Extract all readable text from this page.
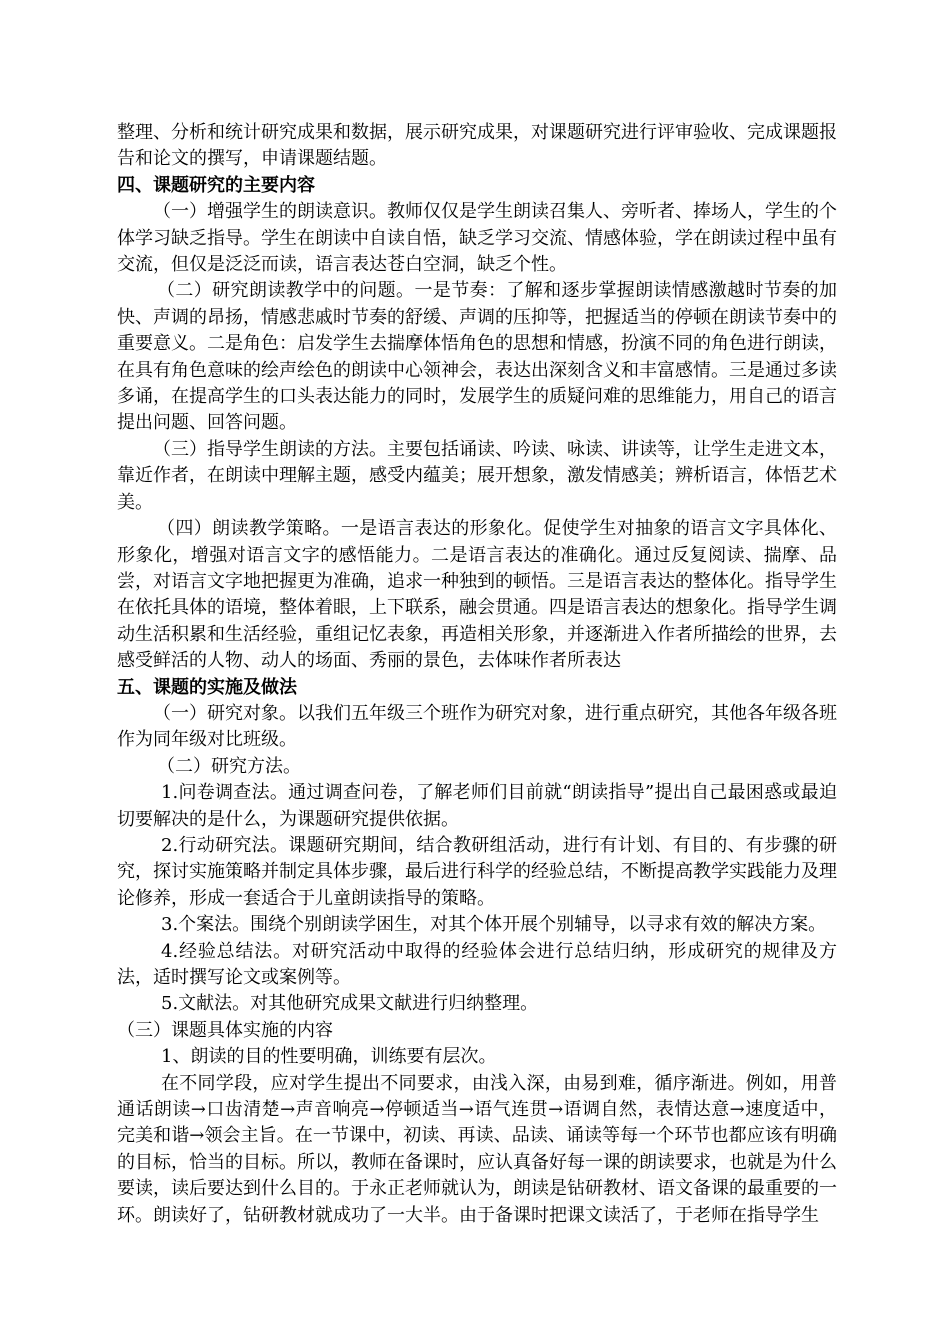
整理、分析和统计研究成果和数据，展示研究成果，对课题研究进行评审验收、完成课题报告和论文的撰写，申请课题结题。

四、课题研究的主要内容

（一）增强学生的朗读意识。教师仅仅是学生朗读召集人、旁听者、捧场人，学生的个体学习缺乏指导。学生在朗读中自读自悟，缺乏学习交流、情感体验，学在朗读过程中虽有交流，但仅是泛泛而读，语言表达苍白空洞，缺乏个性。

（二）研究朗读教学中的问题。一是节奏：了解和逐步掌握朗读情感激越时节奏的加快、声调的昂扬，情感悲戚时节奏的舒缓、声调的压抑等，把握适当的停顿在朗读节奏中的重要意义。二是角色：启发学生去揣摩体悟角色的思想和情感，扮演不同的角色进行朗读，在具有角色意味的绘声绘色的朗读中心领神会，表达出深刻含义和丰富感情。三是通过多读多诵，在提高学生的口头表达能力的同时，发展学生的质疑问难的思维能力，用自己的语言提出问题、回答问题。

（三）指导学生朗读的方法。主要包括诵读、吟读、咏读、讲读等，让学生走进文本，靠近作者，在朗读中理解主题，感受内蕴美；展开想象，激发情感美；辨析语言，体悟艺术美。

（四）朗读教学策略。一是语言表达的形象化。促使学生对抽象的语言文字具体化、形象化，增强对语言文字的感悟能力。二是语言表达的准确化。通过反复阅读、揣摩、品尝，对语言文字地把握更为准确，追求一种独到的顿悟。三是语言表达的整体化。指导学生在依托具体的语境，整体着眼，上下联系，融会贯通。四是语言表达的想象化。指导学生调动生活积累和生活经验，重组记忆表象，再造相关形象，并逐渐进入作者所描绘的世界，去感受鲜活的人物、动人的场面、秀丽的景色，去体味作者所表达

五、课题的实施及做法

（一）研究对象。以我们五年级三个班作为研究对象，进行重点研究，其他各年级各班作为同年级对比班级。

（二）研究方法。

1.问卷调查法。通过调查问卷，了解老师们目前就“朗读指导”提出自己最困惑或最迫切要解决的是什么，为课题研究提供依据。

2.行动研究法。课题研究期间，结合教研组活动，进行有计划、有目的、有步骤的研究，探讨实施策略并制定具体步骤，最后进行科学的经验总结，不断提高教学实践能力及理论修养，形成一套适合于儿童朗读指导的策略。

3.个案法。围绕个别朗读学困生，对其个体开展个别辅导，以寻求有效的解决方案。

4.经验总结法。对研究活动中取得的经验体会进行总结归纳，形成研究的规律及方法，适时撰写论文或案例等。

5.文献法。对其他研究成果文献进行归纳整理。

（三）课题具体实施的内容

1、朗读的目的性要明确，训练要有层次。

在不同学段，应对学生提出不同要求，由浅入深，由易到难，循序渐进。例如，用普通话朗读→口齿清楚→声音响亮→停顿适当→语气连贯→语调自然，表情达意→速度适中，完美和谐→领会主旨。在一节课中，初读、再读、品读、诵读等每一个环节也都应该有明确的目标，恰当的目标。所以，教师在备课时，应认真备好每一课的朗读要求，也就是为什么要读，读后要达到什么目的。于永正老师就认为，朗读是钻研教材、语文备课的最重要的一环。朗读好了，钻研教材就成功了一大半。由于备课时把课文读活了，于老师在指导学生
